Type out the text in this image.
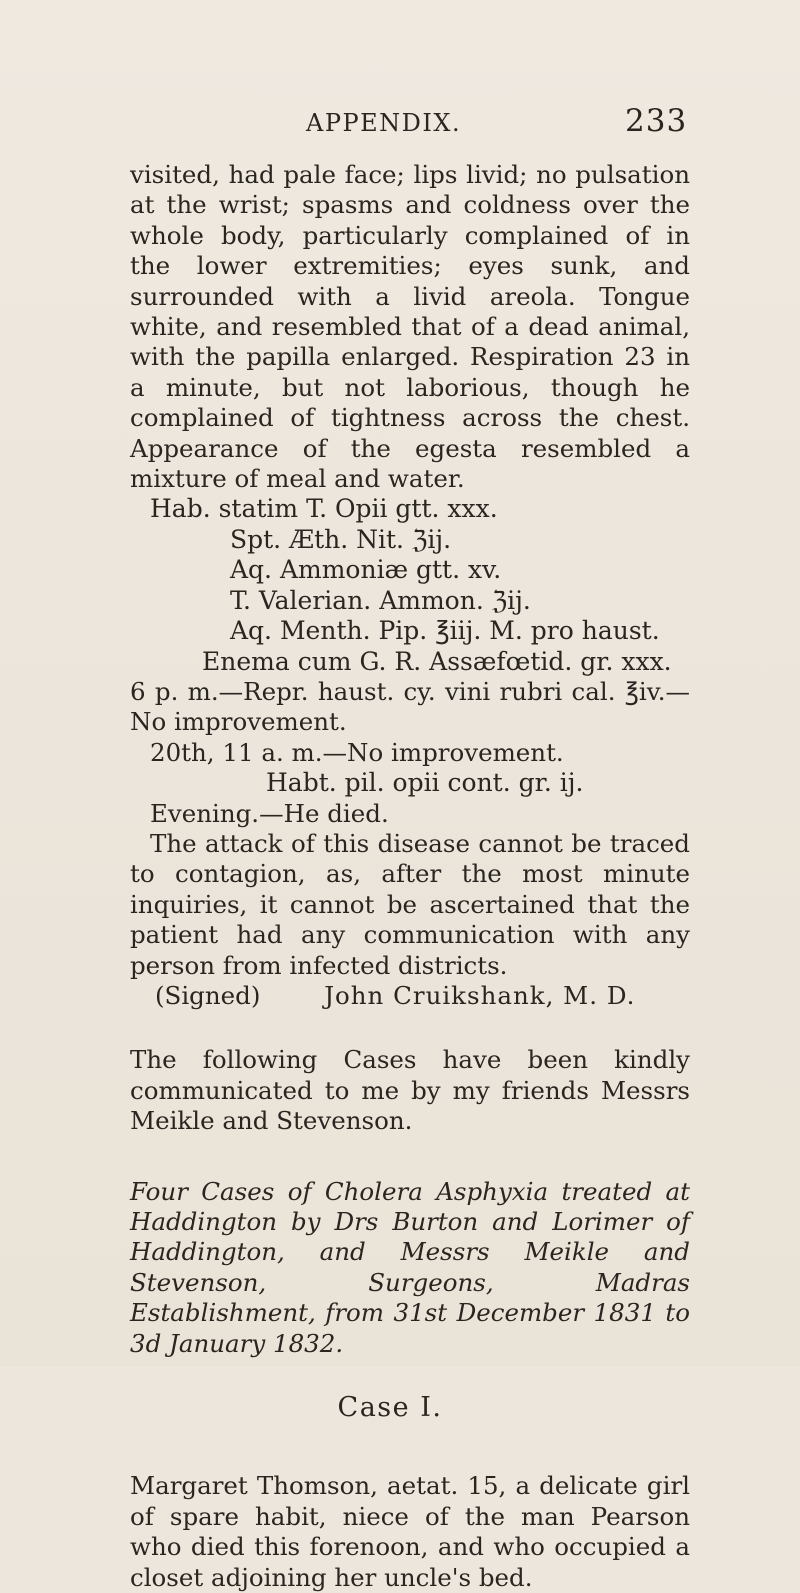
APPENDIX.	233

visited, had pale face; lips livid; no pulsation at the wrist; spasms and coldness over the whole body, particularly complained of in the lower extremities; eyes sunk, and surrounded with a livid areola. Tongue white, and resembled that of a dead animal, with the papilla enlarged. Respiration 23 in a minute, but not laborious, though he complained of tightness across the chest. Appearance of the egesta resembled a mixture of meal and water.

Hab. statim T. Opii gtt. xxx.
Spt. Æth. Nit. ℨij.
Aq. Ammoniæ gtt. xv.
T. Valerian. Ammon. ℨij.
Aq. Menth. Pip. ℥iij. M. pro haust.
Enema cum G. R. Assæfœtid. gr. xxx.

6 p. m.—Repr. haust. cy. vini rubri cal. ℥iv.—No improvement.

20th, 11 a. m.—No improvement.

Habt. pil. opii cont. gr. ij.

Evening.—He died.

The attack of this disease cannot be traced to contagion, as, after the most minute inquiries, it cannot be ascertained that the patient had any communication with any person from infected districts.

(Signed)	John Cruikshank, M. D.

The following Cases have been kindly communicated to me by my friends Messrs Meikle and Stevenson.

Four Cases of Cholera Asphyxia treated at Haddington by Drs Burton and Lorimer of Haddington, and Messrs Meikle and Stevenson, Surgeons, Madras Establishment, from 31st December 1831 to 3d January 1832.

Case I.

Margaret Thomson, aetat. 15, a delicate girl of spare habit, niece of the man Pearson who died this forenoon, and who occupied a closet adjoining her uncle's bed.
